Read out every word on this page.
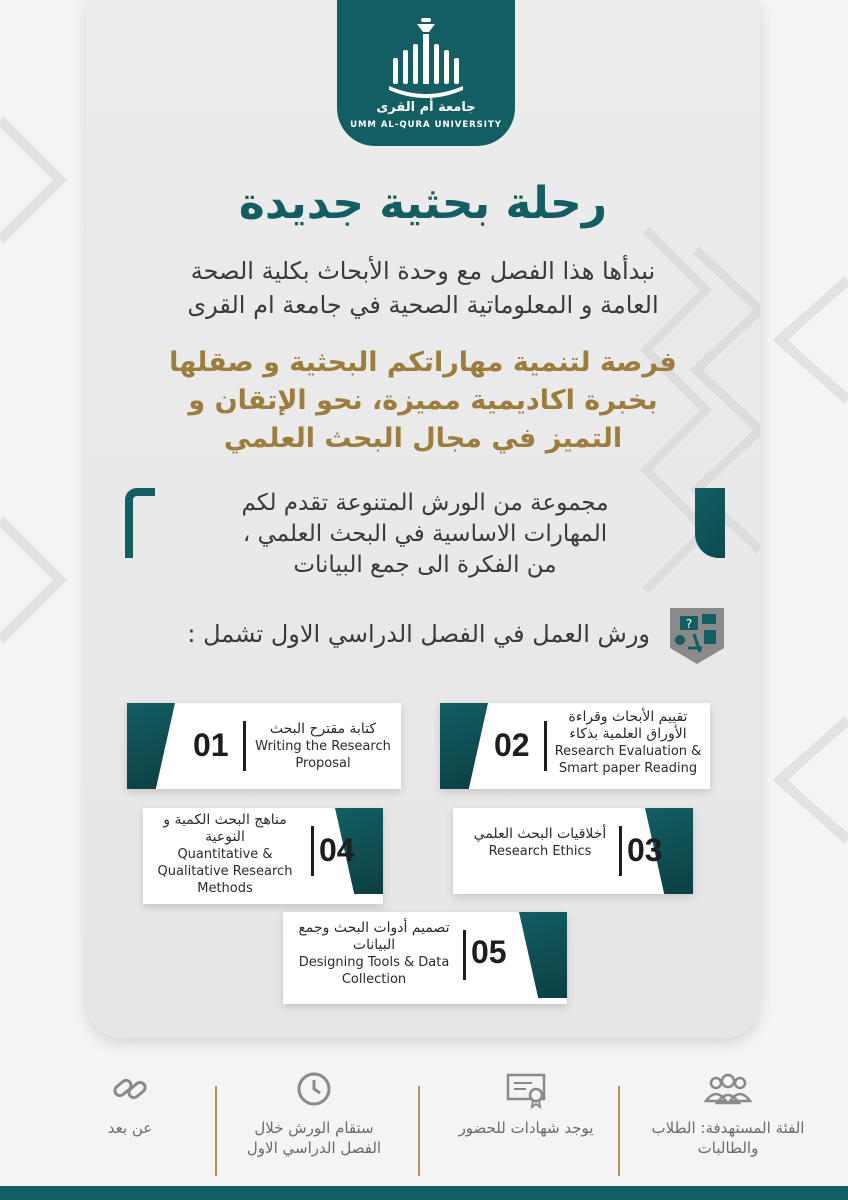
جامعة أم القرى
UMM AL-QURA UNIVERSITY
رحلة بحثية جديدة
نبدأها هذا الفصل مع وحدة الأبحاث بكلية الصحة
العامة و المعلوماتية الصحية في جامعة ام القرى
فرصة لتنمية مهاراتكم البحثية و صقلها
بخبرة اكاديمية مميزة، نحو الإتقان و
التميز في مجال البحث العلمي
مجموعة من الورش المتنوعة تقدم لكم
المهارات الاساسية في البحث العلمي ،
من الفكرة الى جمع البيانات
ورش العمل في الفصل الدراسي الاول تشمل :	?
01	كتابة مقترح البحث
Writing the Research Proposal
02
تقييم الأبحاث وقراءة الأوراق العلمية بذكاء
Research Evaluation & Smart paper Reading
مناهج البحث الكمية و النوعية
Quantitative & Qualitative Research Methods
04	أخلاقيات البحث العلمي
Research Ethics	03
تصميم أدوات البحث وجمع البيانات
Designing Tools & Data Collection
05
عن بعد	ستقام الورش خلال الفصل الدراسي الاول
يوجد شهادات للحضور	الفئة المستهدفة: الطلاب والطالبات
